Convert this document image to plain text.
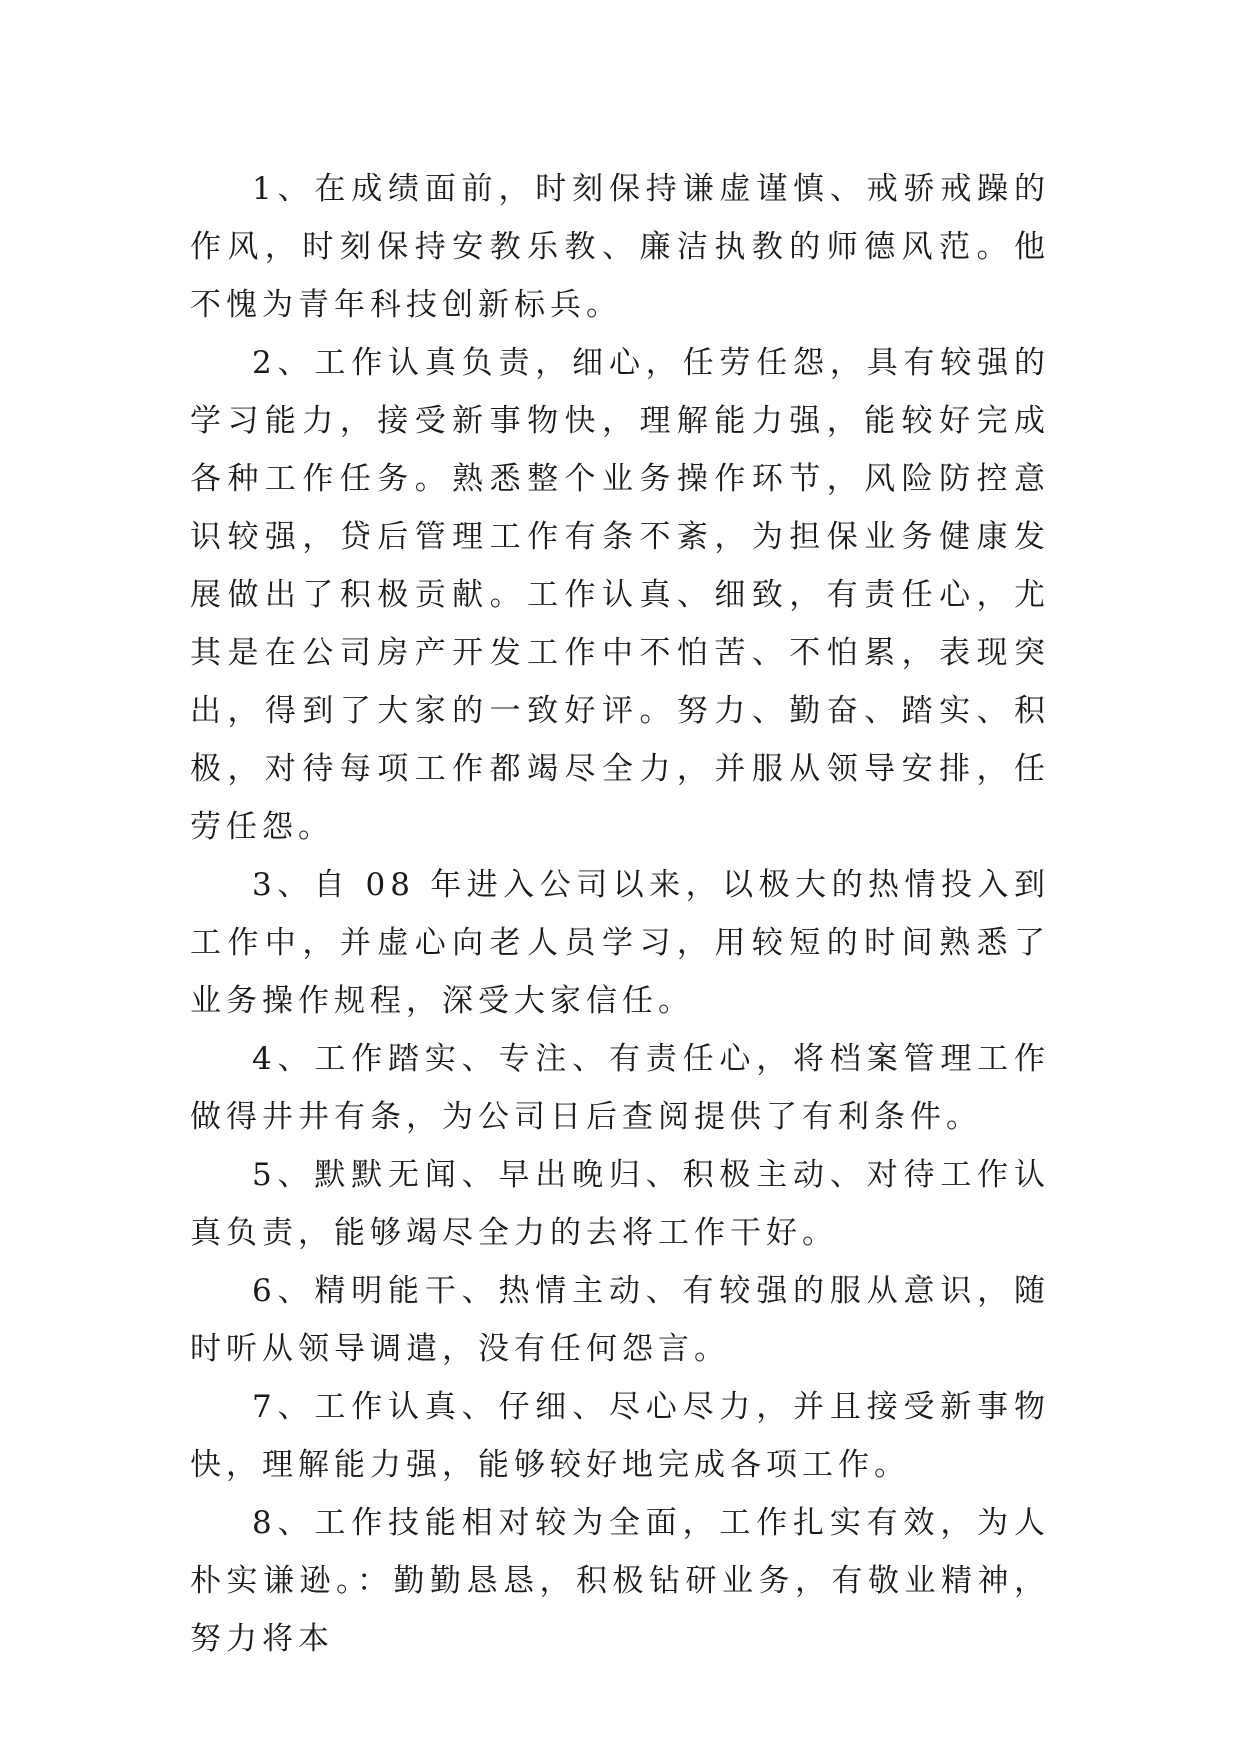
1、在成绩面前，时刻保持谦虚谨慎、戒骄戒躁的作风，时刻保持安教乐教、廉洁执教的师德风范。他不愧为青年科技创新标兵。

2、工作认真负责，细心，任劳任怨，具有较强的学习能力，接受新事物快，理解能力强，能较好完成各种工作任务。熟悉整个业务操作环节，风险防控意识较强，贷后管理工作有条不紊，为担保业务健康发展做出了积极贡献。工作认真、细致，有责任心，尤其是在公司房产开发工作中不怕苦、不怕累，表现突出，得到了大家的一致好评。努力、勤奋、踏实、积极，对待每项工作都竭尽全力，并服从领导安排，任劳任怨。

3、自 08 年进入公司以来，以极大的热情投入到工作中，并虚心向老人员学习，用较短的时间熟悉了业务操作规程，深受大家信任。

4、工作踏实、专注、有责任心，将档案管理工作做得井井有条，为公司日后查阅提供了有利条件。

5、默默无闻、早出晚归、积极主动、对待工作认真负责，能够竭尽全力的去将工作干好。

6、精明能干、热情主动、有较强的服从意识，随时听从领导调遣，没有任何怨言。

7、工作认真、仔细、尽心尽力，并且接受新事物快，理解能力强，能够较好地完成各项工作。

8、工作技能相对较为全面，工作扎实有效，为人朴实谦逊。：勤勤恳恳，积极钻研业务，有敬业精神，努力将本
